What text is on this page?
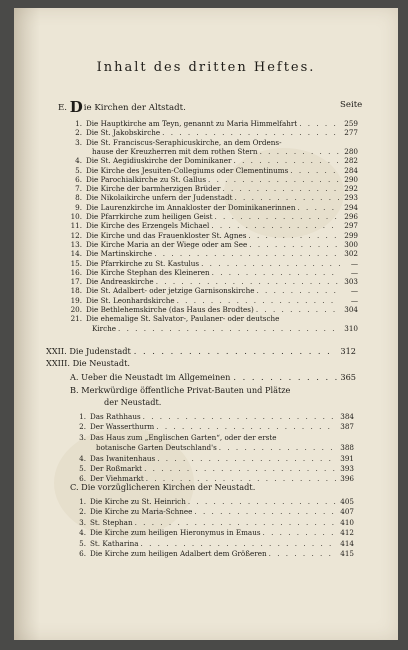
Inhalt des dritten Heftes.
E. Die Kirchen der Altstadt.	Seite
1. Die Hauptkirche am Teyn, genannt zu Maria Himmelfahrt . . .	259
2. Die St. Jakobskirche . . .	277
3. Die St. Franciscus-Seraphicuskirche, an dem Ordens-
hause der Kreuzherren mit dem rothen Stern . . .	280
4. Die St. Aegidiuskirche der Dominikaner . . .	282
5. Die Kirche des Jesuiten-Collegiums oder Clementinums . . .	284
6. Die Parochialkirche zu St. Gallus . . .	290
7. Die Kirche der barmherzigen Brüder . . .	292
8. Die Nikolaikirche unfern der Judenstadt . . .	293
9. Die Laurenzkirche im Annakloster der Dominikanerinnen . . .	294
10. Die Pfarrkirche zum heiligen Geist . . .	296
11. Die Kirche des Erzengels Michael . . .	297
12. Die Kirche und das Frauenkloster St. Agnes . . .	299
13. Die Kirche Maria an der Wiege oder am See . . .	300
14. Die Martinskirche . . .	302
15. Die Pfarrkirche zu St. Kastulus . . .	—
16. Die Kirche Stephan des Kleineren . . .	—
17. Die Andreaskirche . . .	303
18. Die St. Adalbert- oder jetzige Garnisonskirche . . .	—
19. Die St. Leonhardskirche . . .	—
20. Die Bethlehemskirche (das Haus des Brodtes) . . .	304
21. Die ehemalige St. Salvator-, Paulaner- oder deutsche
Kirche . . .	310
XXII. Die Judenstadt . . .	312
XXIII. Die Neustadt.
A. Ueber die Neustadt im Allgemeinen . . .	365
B. Merkwürdige öffentliche Privat-Bauten und Plätze
der Neustadt.
1. Das Rathhaus . . .	384
2. Der Wasserthurm . . .	387
3. Das Haus zum „Englischen Garten“, oder der erste
botanische Garten Deutschland's . . .	388
4. Das Iwanitenhaus . . .	391
5. Der Roßmarkt . . .	393
6. Der Viehmarkt . . .	396
C. Die vorzüglicheren Kirchen der Neustadt.
1. Die Kirche zu St. Heinrich . . .	405
2. Die Kirche zu Maria-Schnee . . .	407
3. St. Stephan . . .	410
4. Die Kirche zum heiligen Hieronymus in Emaus . . .	412
5. St. Katharina . . .	414
6. Die Kirche zum heiligen Adalbert dem Größeren . . .	415
